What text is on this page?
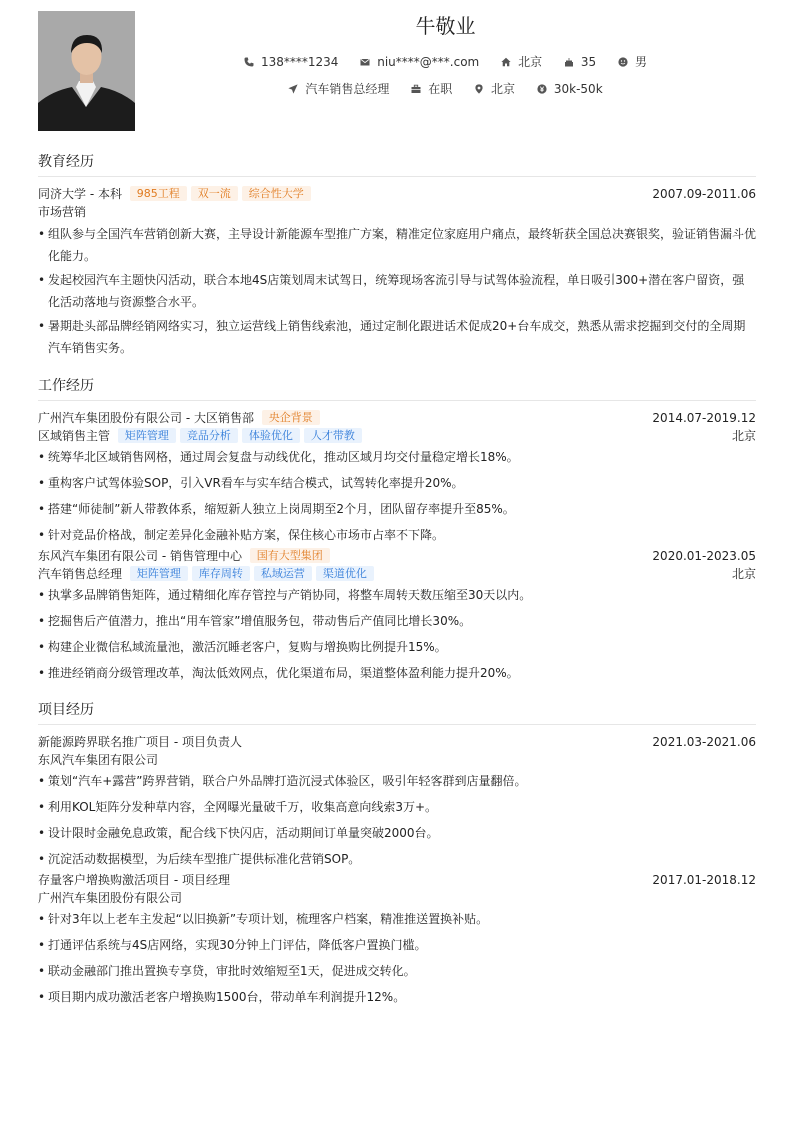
牛敬业
138****1234	niu****@***.com	北京	35	男
汽车销售总经理	在职	北京	30k-50k
教育经历
同济大学 - 本科 985工程 双一流 综合性大学	2007.09-2011.06
市场营销
• 组队参与全国汽车营销创新大赛，主导设计新能源车型推广方案，精准定位家庭用户痛点，最终斩获全国总决赛银奖，验证销售漏斗优化能力。
• 发起校园汽车主题快闪活动，联合本地4S店策划周末试驾日，统筹现场客流引导与试驾体验流程，单日吸引300+潜在客户留资，强化活动落地与资源整合水平。
• 暑期赴头部品牌经销网络实习，独立运营线上销售线索池，通过定制化跟进话术促成20+台车成交，熟悉从需求挖掘到交付的全周期汽车销售实务。
工作经历
广州汽车集团股份有限公司 - 大区销售部 央企背景	2014.07-2019.12
区域销售主管 矩阵管理 竞品分析 体验优化 人才带教	北京
• 统筹华北区域销售网格，通过周会复盘与动线优化，推动区域月均交付量稳定增长18%。
• 重构客户试驾体验SOP，引入VR看车与实车结合模式，试驾转化率提升20%。
• 搭建“师徒制”新人带教体系，缩短新人独立上岗周期至2个月，团队留存率提升至85%。
• 针对竞品价格战，制定差异化金融补贴方案，保住核心市场市占率不下降。
东风汽车集团有限公司 - 销售管理中心 国有大型集团	2020.01-2023.05
汽车销售总经理 矩阵管理 库存周转 私域运营 渠道优化	北京
• 执掌多品牌销售矩阵，通过精细化库存管控与产销协同，将整车周转天数压缩至30天以内。
• 挖掘售后产值潜力，推出“用车管家”增值服务包，带动售后产值同比增长30%。
• 构建企业微信私域流量池，激活沉睡老客户，复购与增换购比例提升15%。
• 推进经销商分级管理改革，淘汰低效网点，优化渠道布局，渠道整体盈利能力提升20%。
项目经历
新能源跨界联名推广项目 - 项目负责人	2021.03-2021.06
东风汽车集团有限公司
• 策划“汽车+露营”跨界营销，联合户外品牌打造沉浸式体验区，吸引年轻客群到店量翻倍。
• 利用KOL矩阵分发种草内容，全网曝光量破千万，收集高意向线索3万+。
• 设计限时金融免息政策，配合线下快闪店，活动期间订单量突破2000台。
• 沉淀活动数据模型，为后续车型推广提供标准化营销SOP。
存量客户增换购激活项目 - 项目经理	2017.01-2018.12
广州汽车集团股份有限公司
• 针对3年以上老车主发起“以旧换新”专项计划，梳理客户档案，精准推送置换补贴。
• 打通评估系统与4S店网络，实现30分钟上门评估，降低客户置换门槛。
• 联动金融部门推出置换专享贷，审批时效缩短至1天，促进成交转化。
• 项目期内成功激活老客户增换购1500台，带动单车利润提升12%。
